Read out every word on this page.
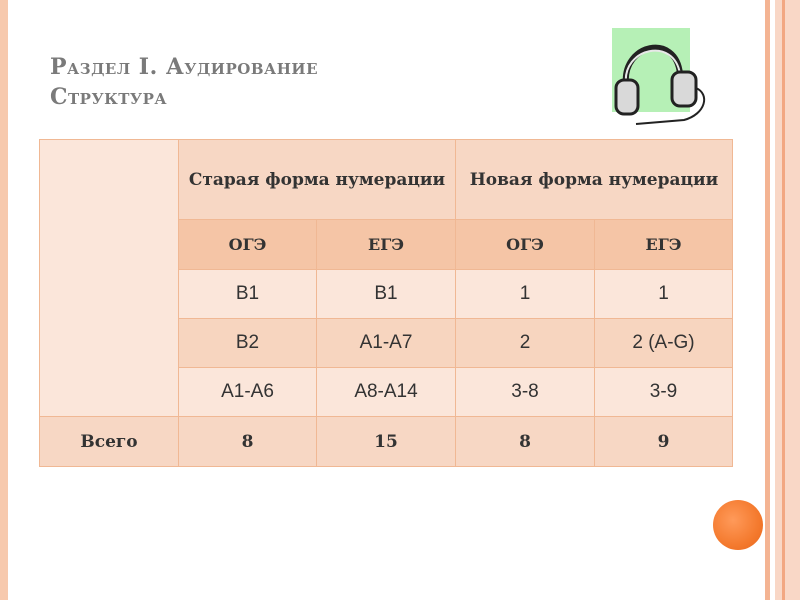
Раздел I. Аудирование
Структура
	Старая форма нумерации		Новая форма нумерации	
	ОГЭ	ЕГЭ	ОГЭ	ЕГЭ
	В1	В1	1	1
	В2	А1-А7	2	2 (А-G)
	А1-А6	А8-А14	3-8	3-9
Всего	8	15	8	9
